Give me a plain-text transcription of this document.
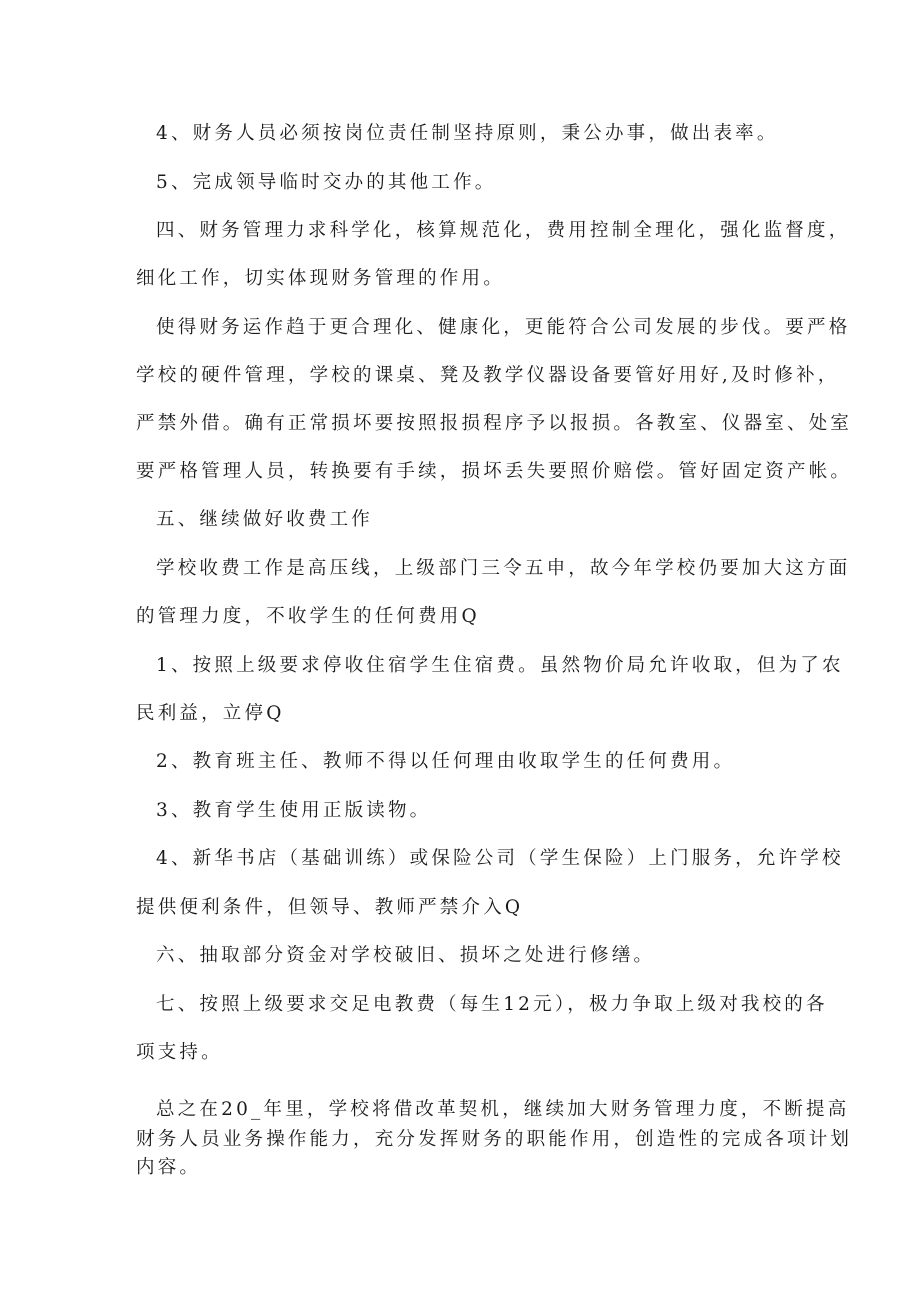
4、财务人员必须按岗位责任制坚持原则，秉公办事，做出表率。
5、完成领导临时交办的其他工作。
四、财务管理力求科学化，核算规范化，费用控制全理化，强化监督度，
细化工作，切实体现财务管理的作用。
使得财务运作趋于更合理化、健康化，更能符合公司发展的步伐。要严格
学校的硬件管理，学校的课桌、凳及教学仪器设备要管好用好,及时修补，
严禁外借。确有正常损坏要按照报损程序予以报损。各教室、仪器室、处室
要严格管理人员，转换要有手续，损坏丢失要照价赔偿。管好固定资产帐。
五、继续做好收费工作
学校收费工作是高压线，上级部门三令五申，故今年学校仍要加大这方面
的管理力度，不收学生的任何费用Q
1、按照上级要求停收住宿学生住宿费。虽然物价局允许收取，但为了农
民利益，立停Q
2、教育班主任、教师不得以任何理由收取学生的任何费用。
3、教育学生使用正版读物。
4、新华书店（基础训练）或保险公司（学生保险）上门服务，允许学校
提供便利条件，但领导、教师严禁介入Q
六、抽取部分资金对学校破旧、损坏之处进行修缮。
七、按照上级要求交足电教费（每生12元），极力争取上级对我校的各
项支持。
总之在20_年里，学校将借改革契机，继续加大财务管理力度，不断提高
财务人员业务操作能力，充分发挥财务的职能作用，创造性的完成各项计划
内容。
